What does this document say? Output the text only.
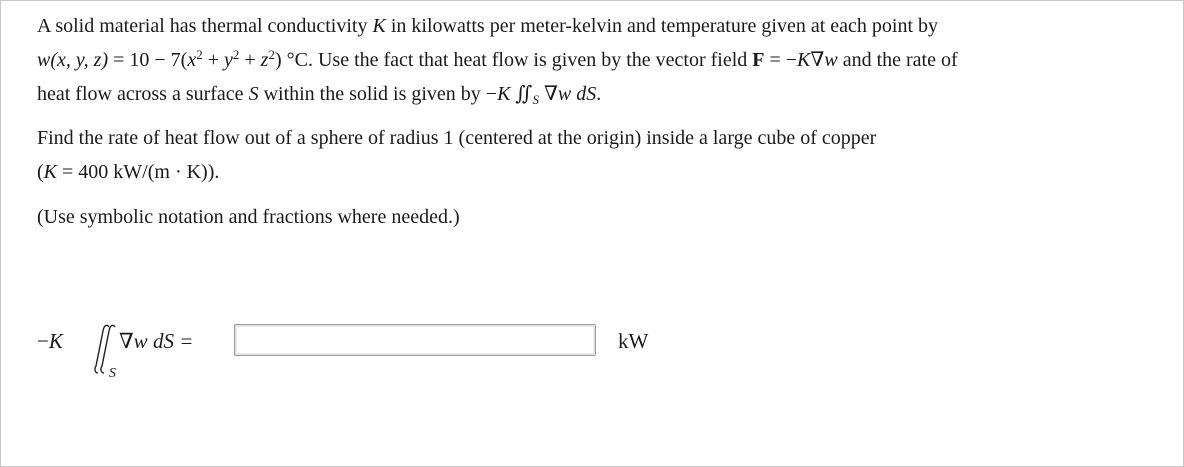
A solid material has thermal conductivity K in kilowatts per meter-kelvin and temperature given at each point by
w(x, y, $z) = 10 - 7(x^2 + y^2 + z^2)$ °C. Use the fact that heat flow is given by the vector field F = −K∇w and the rate of
heat flow across a surface S within the solid is given by −K $∬_S$ ∇w dS.
Find the rate of heat flow out of a sphere of radius 1 (centered at the origin) inside a large cube of copper
(K = 400 kW/(m · K)).
(Use symbolic notation and fractions where needed.)
−K
S
∇w dS =	kW
